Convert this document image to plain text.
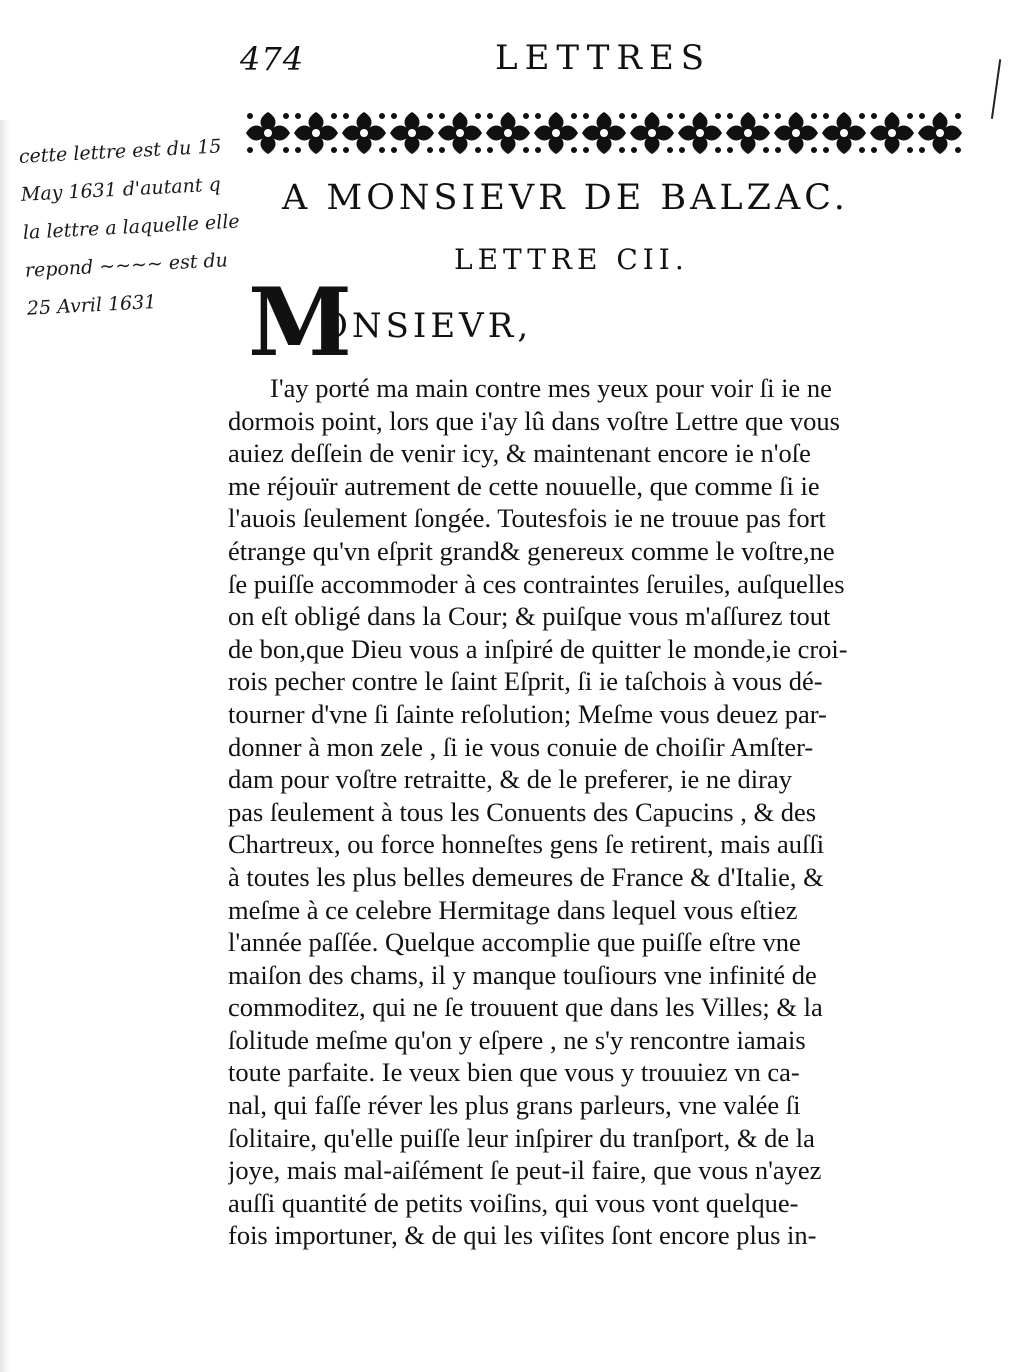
474	LETTRES
cette lettre est du 15
May 1631 d'autant q
la lettre a laquelle elle
repond ~~~~ est du
25 Avril 1631
A MONSIEVR DE BALZAC.
LETTRE CII.
M
ONSIEVR,
I'ay porté ma main contre mes yeux pour voir ſi ie ne
dormois point, lors que i'ay lû dans voſtre Lettre que vous
auiez deſſein de venir icy, & maintenant encore ie n'oſe
me réjouïr autrement de cette nouuelle, que comme ſi ie
l'auois ſeulement ſongée. Toutesfois ie ne trouue pas fort
étrange qu'vn eſprit grand& genereux comme le voſtre,ne
ſe puiſſe accommoder à ces contraintes ſeruiles, auſquelles
on eſt obligé dans la Cour; & puiſque vous m'aſſurez tout
de bon,que Dieu vous a inſpiré de quitter le monde,ie croi-
rois pecher contre le ſaint Eſprit, ſi ie taſchois à vous dé-
tourner d'vne ſi ſainte reſolution; Meſme vous deuez par-
donner à mon zele , ſi ie vous conuie de choiſir Amſter-
dam pour voſtre retraitte, & de le preferer, ie ne diray
pas ſeulement à tous les Conuents des Capucins , & des
Chartreux, ou force honneſtes gens ſe retirent, mais auſſi
à toutes les plus belles demeures de France & d'Italie, &
meſme à ce celebre Hermitage dans lequel vous eſtiez
l'année paſſée. Quelque accomplie que puiſſe eſtre vne
maiſon des chams, il y manque touſiours vne infinité de
commoditez, qui ne ſe trouuent que dans les Villes; & la
ſolitude meſme qu'on y eſpere , ne s'y rencontre iamais
toute parfaite. Ie veux bien que vous y trouuiez vn ca-
nal, qui faſſe réver les plus grans parleurs, vne valée ſi
ſolitaire, qu'elle puiſſe leur inſpirer du tranſport, & de la
joye, mais mal-aiſément ſe peut-il faire, que vous n'ayez
auſſi quantité de petits voiſins, qui vous vont quelque-
fois importuner, & de qui les viſites ſont encore plus in-
